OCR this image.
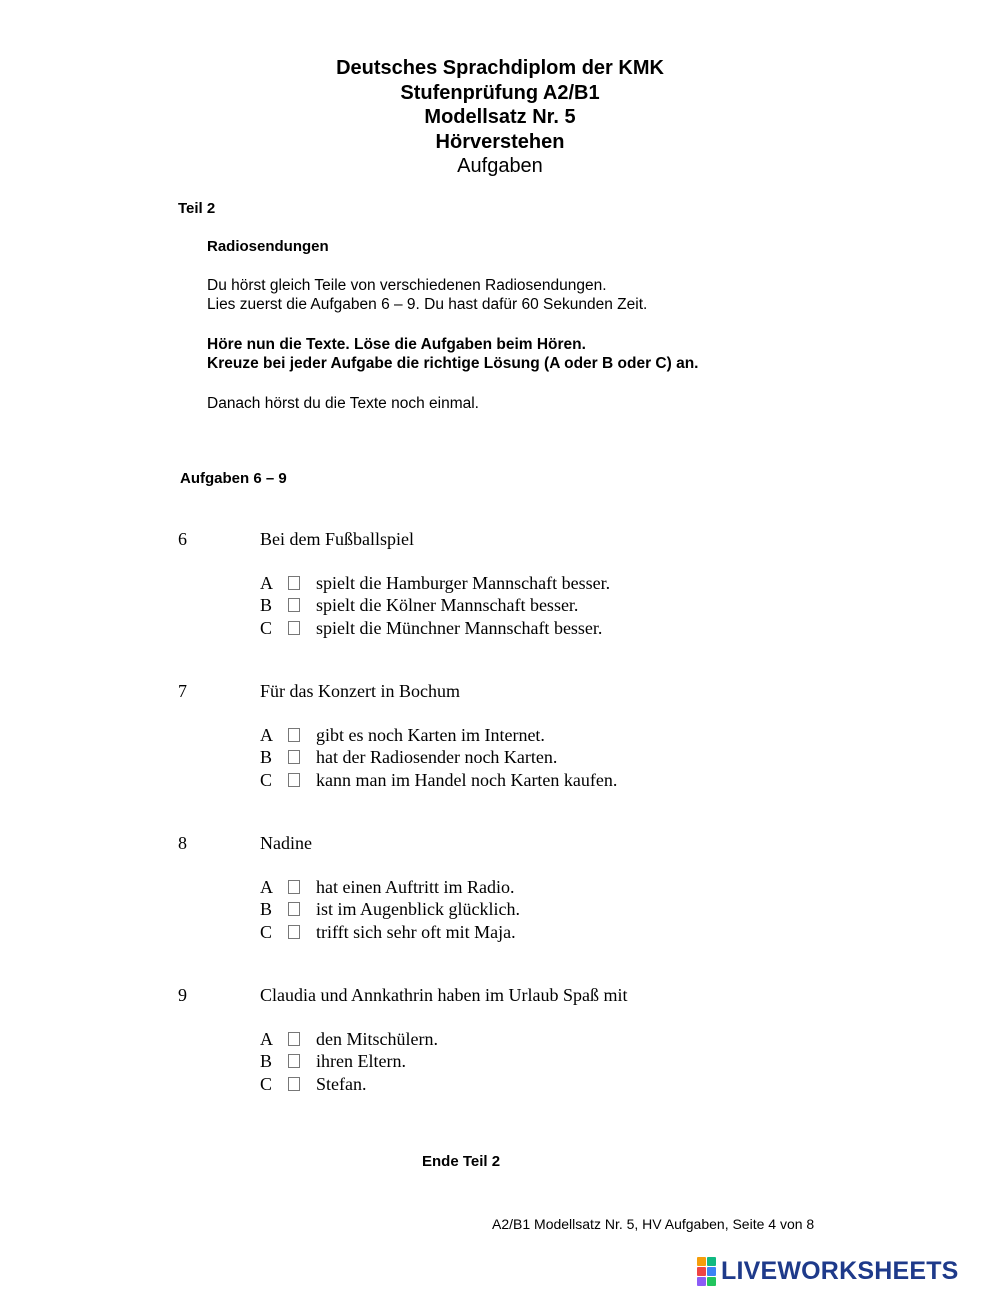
Deutsches Sprachdiplom der KMK
Stufenprüfung A2/B1
Modellsatz Nr. 5
Hörverstehen
Aufgaben
Teil 2
Radiosendungen
Du hörst gleich Teile von verschiedenen Radiosendungen.
Lies zuerst die Aufgaben 6 – 9. Du hast dafür 60 Sekunden Zeit.
Höre nun die Texte. Löse die Aufgaben beim Hören.
Kreuze bei jeder Aufgabe die richtige Lösung (A oder B oder C) an.
Danach hörst du die Texte noch einmal.
Aufgaben 6 – 9
6	Bei dem Fußballspiel
A	spielt die Hamburger Mannschaft besser.
B	spielt die Kölner Mannschaft besser.
C	spielt die Münchner Mannschaft besser.
7	Für das Konzert in Bochum
A	gibt es noch Karten im Internet.
B	hat der Radiosender noch Karten.
C	kann man im Handel noch Karten kaufen.
8	Nadine
A	hat einen Auftritt im Radio.
B	ist im Augenblick glücklich.
C	trifft sich sehr oft mit Maja.
9	Claudia und Annkathrin haben im Urlaub Spaß mit
A	den Mitschülern.
B	ihren Eltern.
C	Stefan.
Ende Teil 2
A2/B1 Modellsatz Nr. 5, HV Aufgaben, Seite 4 von 8
LIVEWORKSHEETS
